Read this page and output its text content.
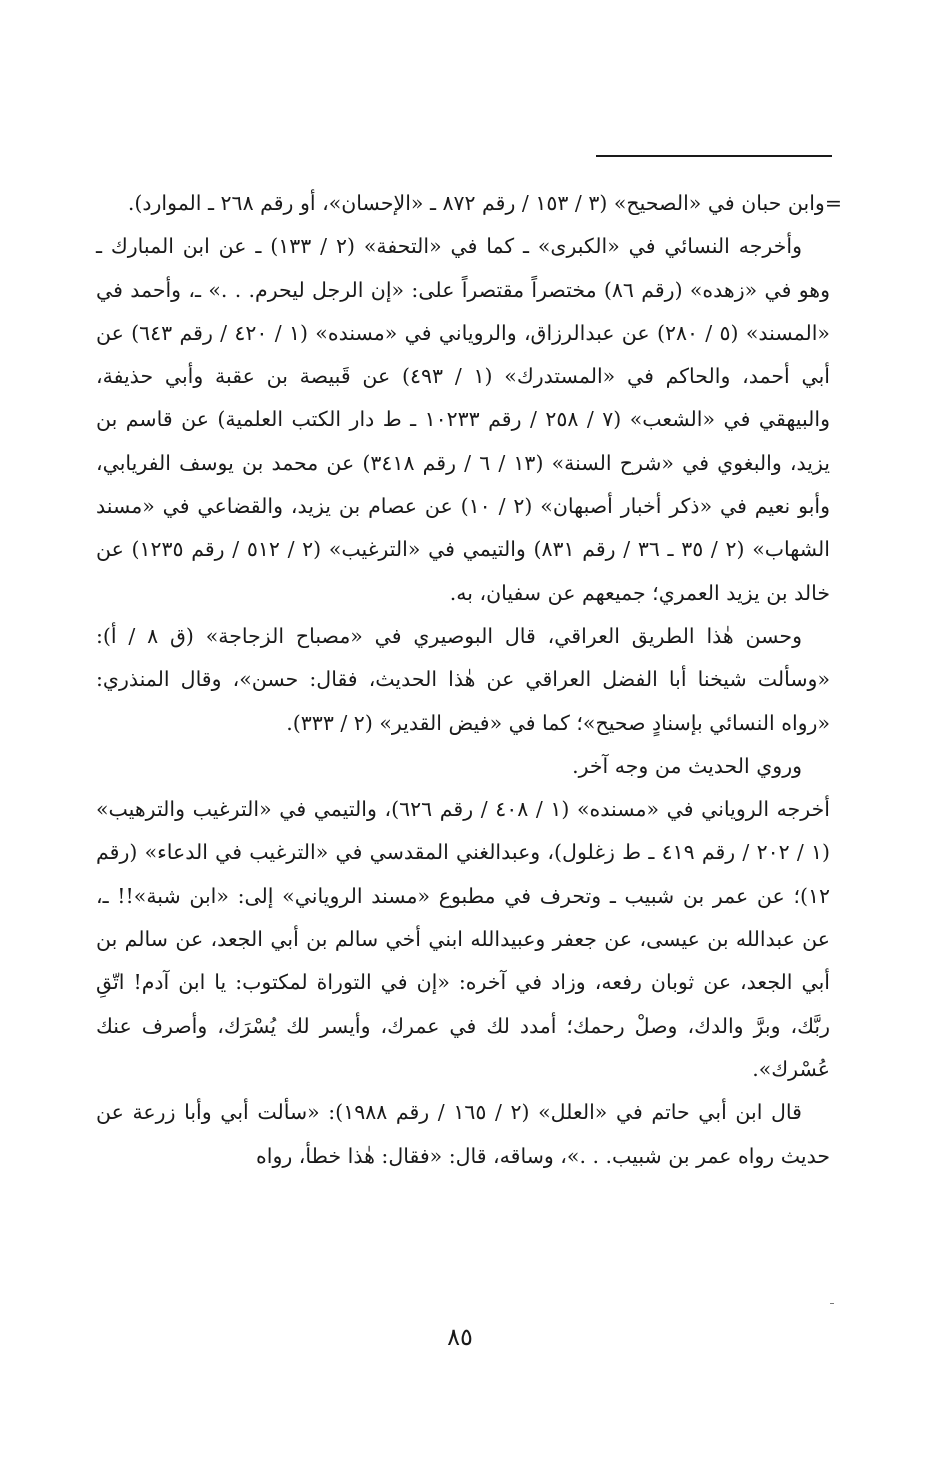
=وابن حبان في «الصحيح» (٣ / ١٥٣ / رقم ٨٧٢ ـ «الإحسان»، أو رقم ٢٦٨ ـ الموارد).

وأخرجه النسائي في «الكبرى» ـ كما في «التحفة» (٢ / ١٣٣) ـ عن ابن المبارك ـ وهو في «زهده» (رقم ٨٦) مختصراً مقتصراً على: «إن الرجل ليحرم. . .» ـ، وأحمد في «المسند» (٥ / ٢٨٠) عن عبدالرزاق، والروياني في «مسنده» (١ / ٤٢٠ / رقم ٦٤٣) عن أبي أحمد، والحاكم في «المستدرك» (١ / ٤٩٣) عن قَبيصة بن عقبة وأبي حذيفة، والبيهقي في «الشعب» (٧ / ٢٥٨ / رقم ١٠٢٣٣ ـ ط دار الكتب العلمية) عن قاسم بن يزيد، والبغوي في «شرح السنة» (١٣ / ٦ / رقم ٣٤١٨) عن محمد بن يوسف الفريابي، وأبو نعيم في «ذكر أخبار أصبهان» (٢ / ١٠) عن عصام بن يزيد، والقضاعي في «مسند الشهاب» (٢ / ٣٥ ـ ٣٦ / رقم ٨٣١) والتيمي في «الترغيب» (٢ / ٥١٢ / رقم ١٢٣٥) عن خالد بن يزيد العمري؛ جميعهم عن سفيان، به.

وحسن هٰذا الطريق العراقي، قال البوصيري في «مصباح الزجاجة» (ق ٨ / أ): «وسألت شيخنا أبا الفضل العراقي عن هٰذا الحديث، فقال: حسن»، وقال المنذري: «رواه النسائي بإسنادٍ صحيح»؛ كما في «فيض القدير» (٢ / ٣٣٣).

وروي الحديث من وجه آخر.

أخرجه الروياني في «مسنده» (١ / ٤٠٨ / رقم ٦٢٦)، والتيمي في «الترغيب والترهيب» (١ / ٢٠٢ / رقم ٤١٩ ـ ط زغلول)، وعبدالغني المقدسي في «الترغيب في الدعاء» (رقم ١٢)؛ عن عمر بن شبيب ـ وتحرف في مطبوع «مسند الروياني» إلى: «ابن شبة»!! ـ، عن عبدالله بن عيسى، عن جعفر وعبيدالله ابني أخي سالم بن أبي الجعد، عن سالم بن أبي الجعد، عن ثوبان رفعه، وزاد في آخره: «إن في التوراة لمكتوب: يا ابن آدم! اتّقِ ربَّك، وبرَّ والدك، وصلْ رحمك؛ أمدد لك في عمرك، وأيسر لك يُسْرَك، وأصرف عنك عُسْرك».

قال ابن أبي حاتم في «العلل» (٢ / ١٦٥ / رقم ١٩٨٨): «سألت أبي وأبا زرعة عن حديث رواه عمر بن شبيب. . .»، وساقه، قال: «فقال: هٰذا خطأ، رواه

٨٥
